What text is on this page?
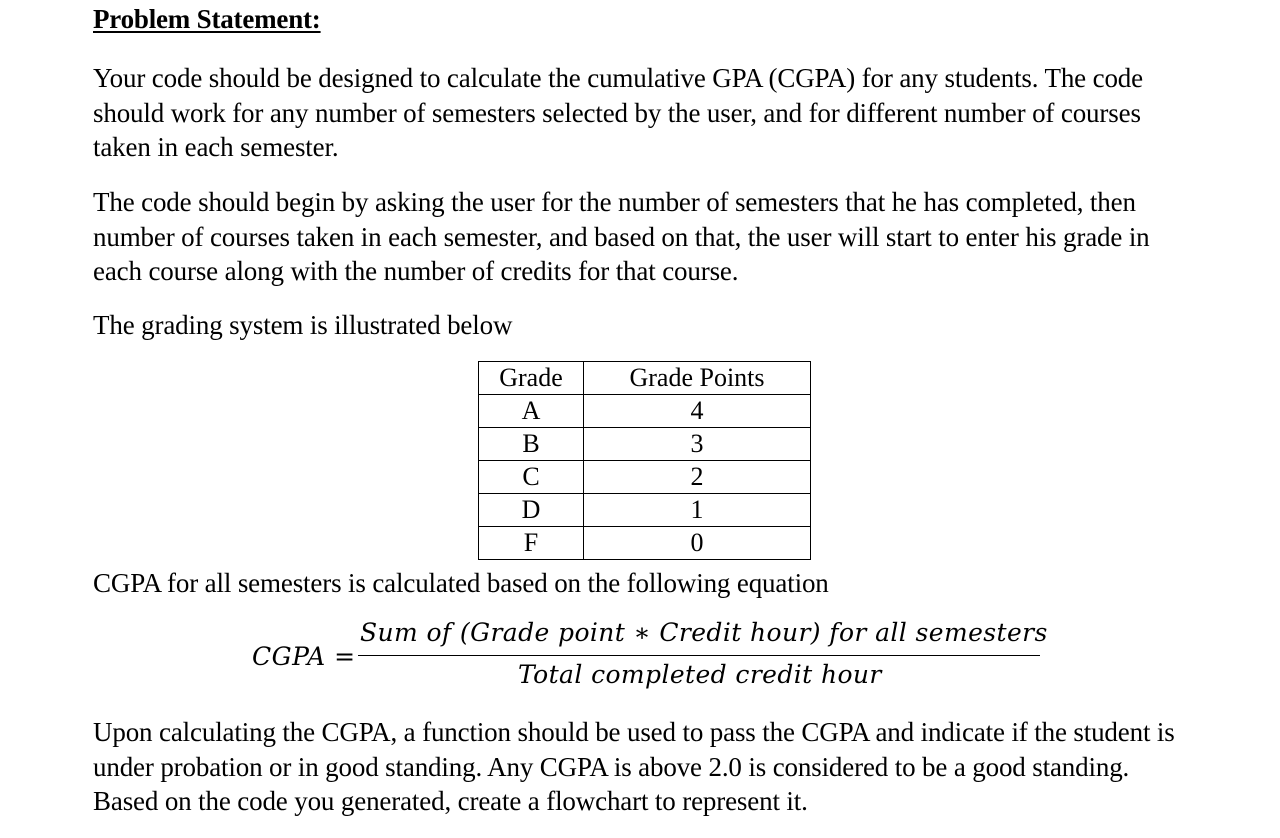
Problem Statement:

Your code should be designed to calculate the cumulative GPA (CGPA) for any students. The code should work for any number of semesters selected by the user, and for different number of courses taken in each semester.

The code should begin by asking the user for the number of semesters that he has completed, then number of courses taken in each semester, and based on that, the user will start to enter his grade in each course along with the number of credits for that course.

The grading system is illustrated below

Grade	Grade Points
A	4
B	3
C	2
D	1
F	0

CGPA for all semesters is calculated based on the following equation

CGPA =
Sum of (Grade point ∗ Credit hour) for all semesters
Total completed credit hour

Upon calculating the CGPA, a function should be used to pass the CGPA and indicate if the student is under probation or in good standing. Any CGPA is above 2.0 is considered to be a good standing. Based on the code you generated, create a flowchart to represent it.
